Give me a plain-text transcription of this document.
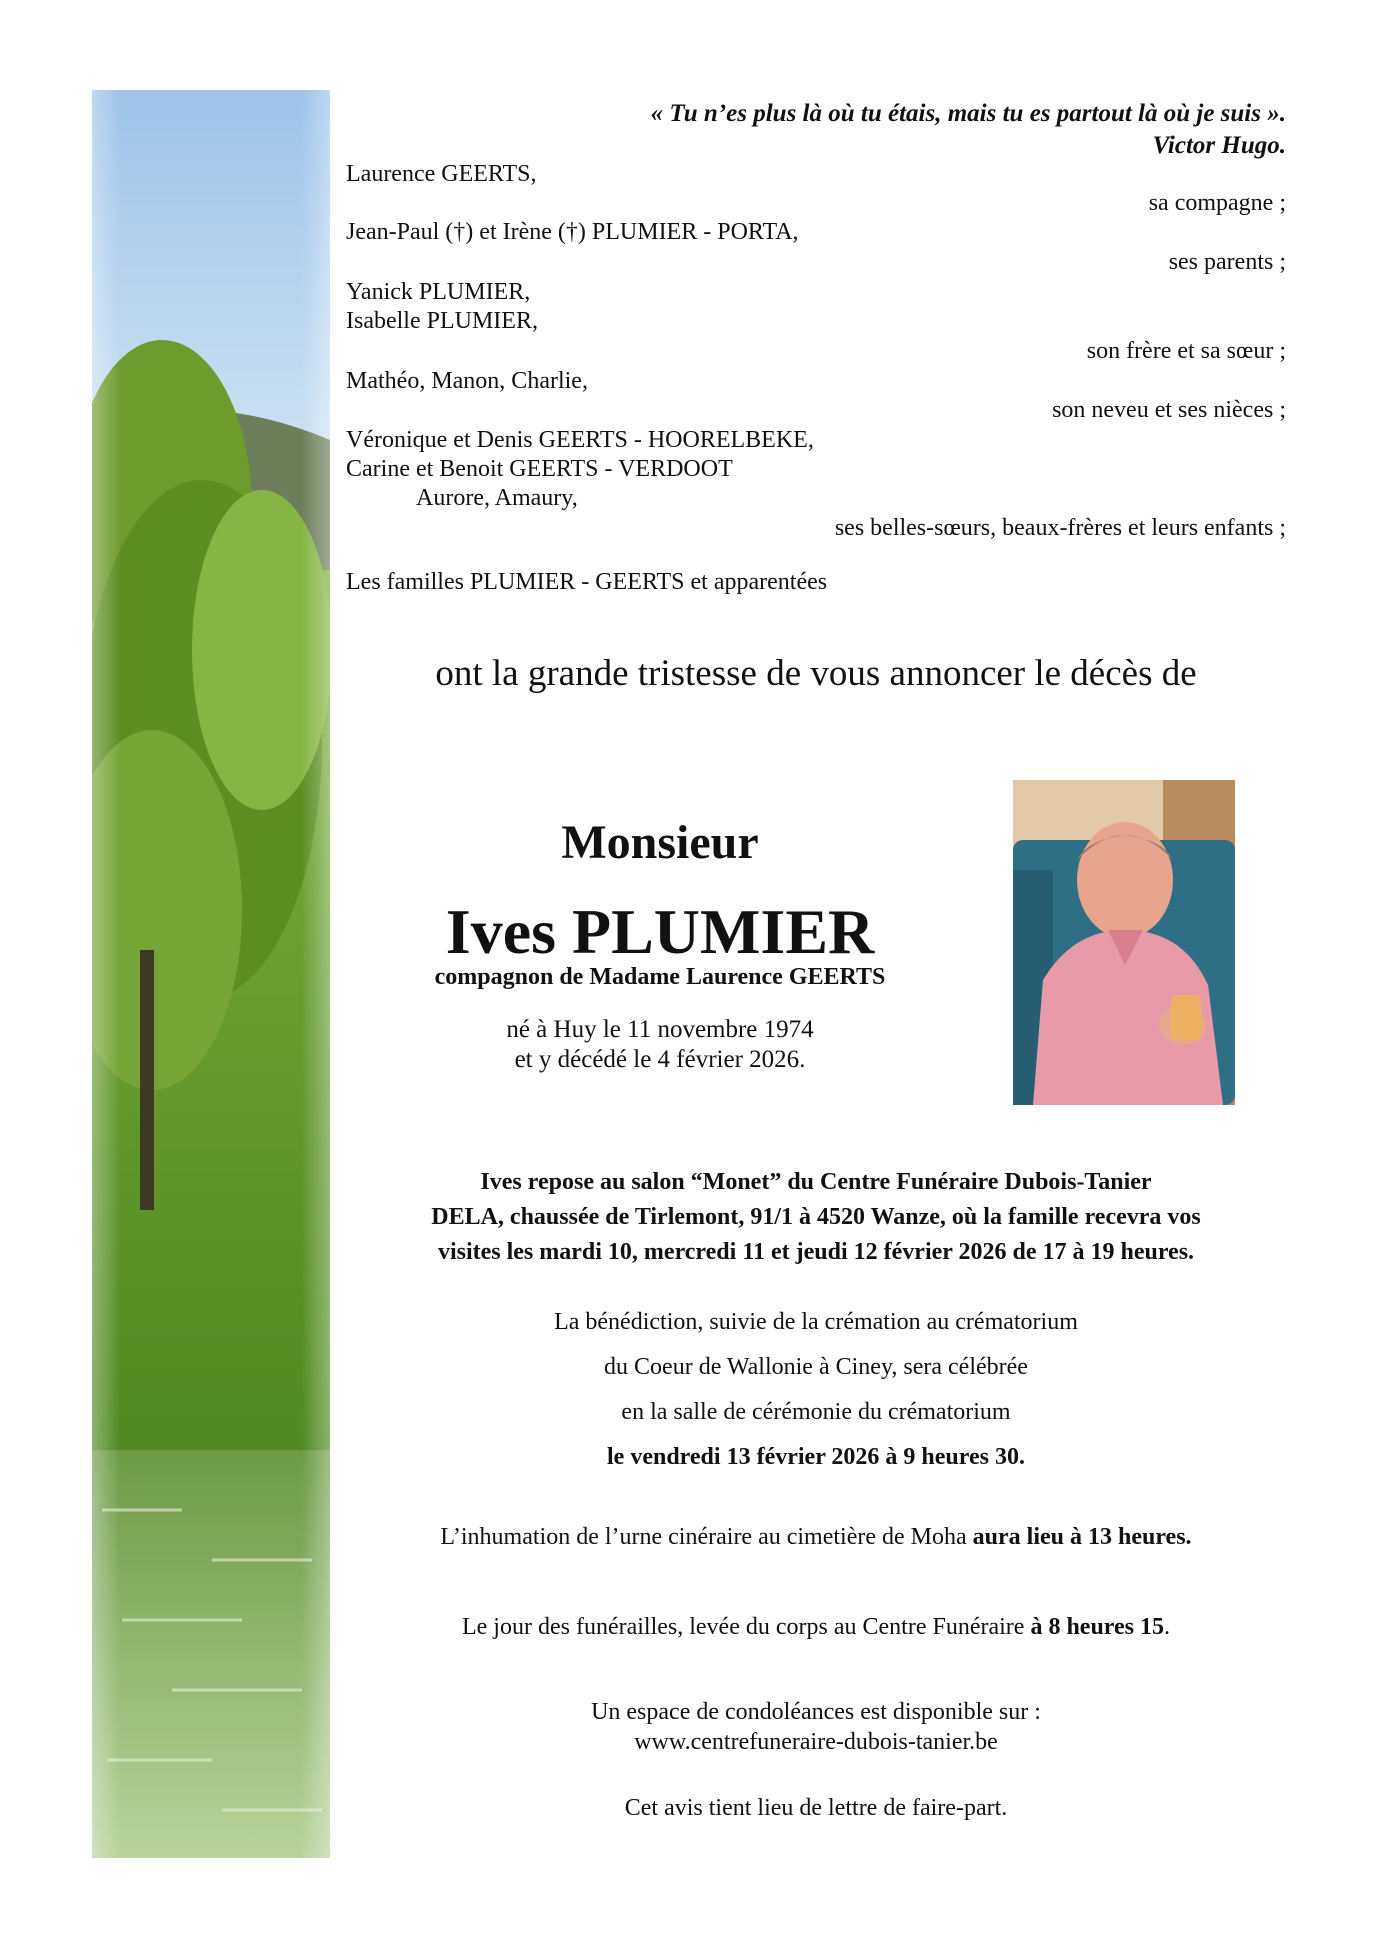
« Tu n’es plus là où tu étais, mais tu es partout là où je suis ».
Victor Hugo.
Laurence GEERTS,
sa compagne ;
Jean-Paul (†) et Irène (†) PLUMIER - PORTA,
ses parents ;
Yanick PLUMIER,
Isabelle PLUMIER,
son frère et sa sœur ;
Mathéo, Manon, Charlie,
son neveu et ses nièces ;
Véronique et Denis GEERTS - HOORELBEKE,
Carine et Benoit GEERTS - VERDOOT
Aurore, Amaury,
ses belles-sœurs, beaux-frères et leurs enfants ;
Les familles PLUMIER - GEERTS et apparentées
ont la grande tristesse de vous annoncer le décès de
Monsieur
Ives PLUMIER
compagnon de Madame Laurence GEERTS
né à Huy le 11 novembre 1974
et y décédé le 4 février 2026.
Ives repose au salon “Monet” du Centre Funéraire Dubois-Tanier
DELA, chaussée de Tirlemont, 91/1 à 4520 Wanze, où la famille recevra vos
visites les mardi 10, mercredi 11 et jeudi 12 février 2026 de 17 à 19 heures.
La bénédiction, suivie de la crémation au crématorium
du Coeur de Wallonie à Ciney, sera célébrée
en la salle de cérémonie du crématorium
le vendredi 13 février 2026 à 9 heures 30.
L’inhumation de l’urne cinéraire au cimetière de Moha aura lieu à 13 heures.
Le jour des funérailles, levée du corps au Centre Funéraire à 8 heures 15.
Un espace de condoléances est disponible sur :
www.centrefuneraire-dubois-tanier.be
Cet avis tient lieu de lettre de faire-part.
